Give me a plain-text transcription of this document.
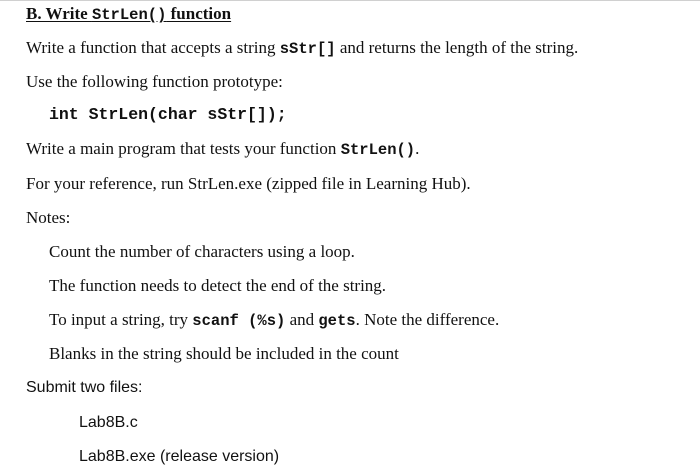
B. Write StrLen() function
Write a function that accepts a string sStr[] and returns the length of the string.
Use the following function prototype:
int StrLen(char sStr[]);
Write a main program that tests your function StrLen().
For your reference, run StrLen.exe (zipped file in Learning Hub).
Notes:
Count the number of characters using a loop.
The function needs to detect the end of the string.
To input a string, try scanf (%s) and gets. Note the difference.
Blanks in the string should be included in the count
Submit two files:
Lab8B.c
Lab8B.exe (release version)
